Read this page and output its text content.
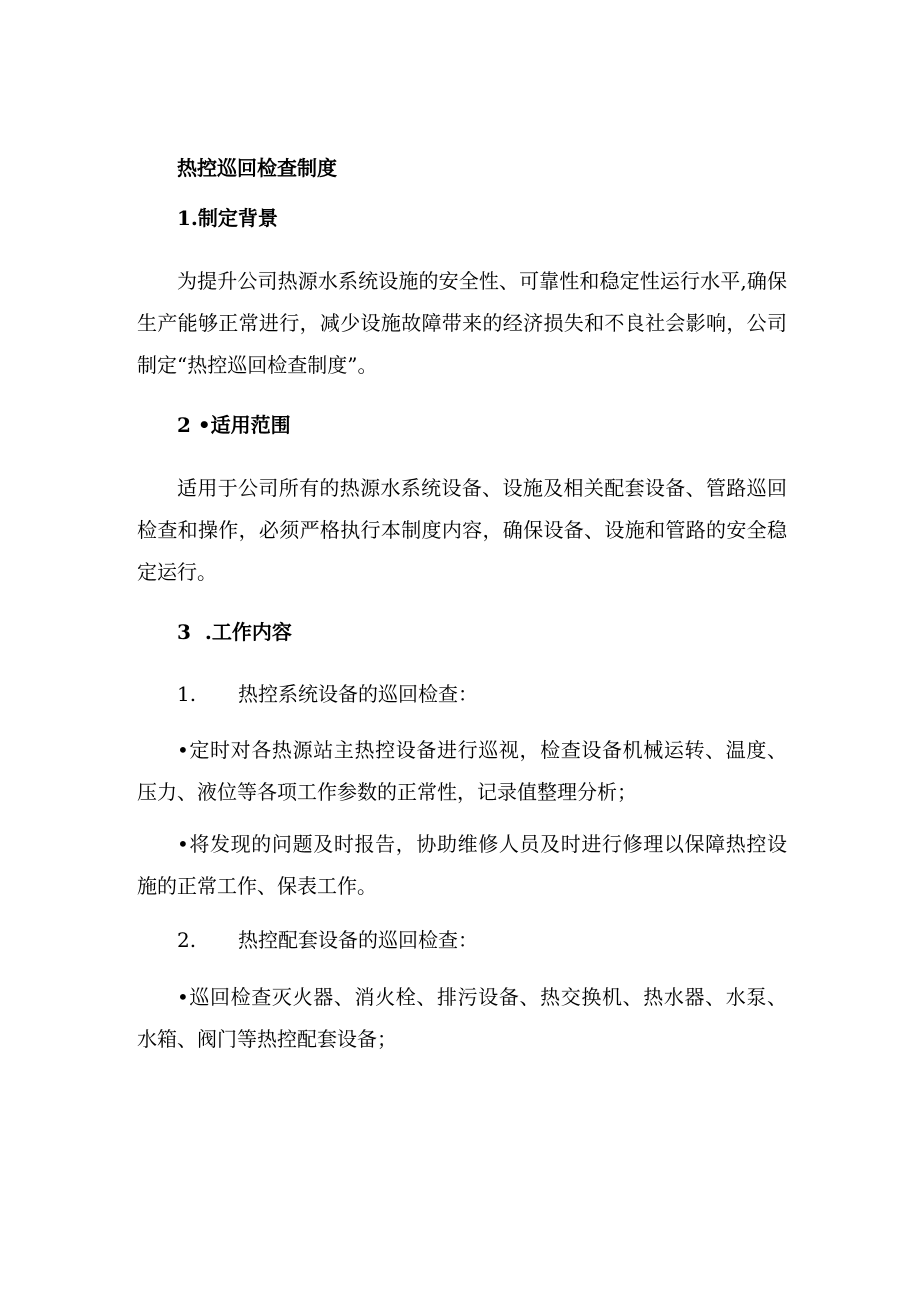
热控巡回检查制度

1.制定背景

为提升公司热源水系统设施的安全性、可靠性和稳定性运行水平,确保生产能够正常进行，减少设施故障带来的经济损失和不良社会影响，公司制定“热控巡回检查制度”。

2 •适用范围

适用于公司所有的热源水系统设备、设施及相关配套设备、管路巡回检查和操作，必须严格执行本制度内容，确保设备、设施和管路的安全稳定运行。

3 .工作内容

1. 热控系统设备的巡回检查：

•定时对各热源站主热控设备进行巡视，检查设备机械运转、温度、压力、液位等各项工作参数的正常性，记录值整理分析；

•将发现的问题及时报告，协助维修人员及时进行修理以保障热控设施的正常工作、保表工作。

2. 热控配套设备的巡回检查：

•巡回检查灭火器、消火栓、排污设备、热交换机、热水器、水泵、水箱、阀门等热控配套设备；
